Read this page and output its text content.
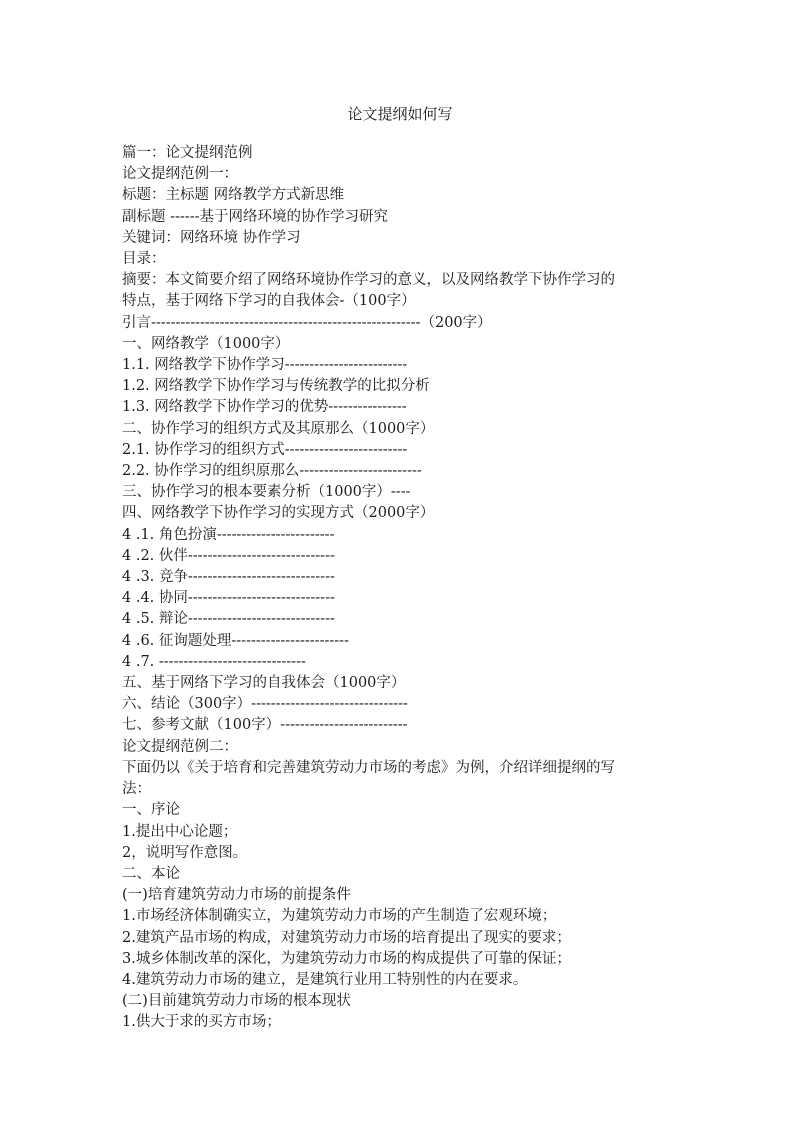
论文提纲如何写
篇一：论文提纲范例
论文提纲范例一：
标题：主标题 网络教学方式新思维
副标题 ------基于网络环境的协作学习研究
关键词：网络环境 协作学习
目录：
摘要：本文简要介绍了网络环境协作学习的意义，以及网络教学下协作学习的
特点，基于网络下学习的自我体会-（100字）
引言-------------------------------------------------------（200字）
一、网络教学（1000字）
1.1. 网络教学下协作学习-------------------------
1.2. 网络教学下协作学习与传统教学的比拟分析
1.3. 网络教学下协作学习的优势----------------
二、协作学习的组织方式及其原那么（1000字）
2.1. 协作学习的组织方式-------------------------
2.2. 协作学习的组织原那么-------------------------
三、协作学习的根本要素分析（1000字）----
四、网络教学下协作学习的实现方式（2000字）
4 .1. 角色扮演------------------------
4 .2. 伙伴------------------------------
4 .3. 竞争------------------------------
4 .4. 协同------------------------------
4 .5. 辩论------------------------------
4 .6. 征询题处理------------------------
4 .7. ------------------------------
五、基于网络下学习的自我体会（1000字）
六、结论（300字）--------------------------------
七、参考文献（100字）--------------------------
论文提纲范例二：
下面仍以《关于培育和完善建筑劳动力市场的考虑》为例，介绍详细提纲的写
法：
一、序论
1.提出中心论题；
2，说明写作意图。
二、本论
(一)培育建筑劳动力市场的前提条件
1.市场经济体制确实立，为建筑劳动力市场的产生制造了宏观环境；
2.建筑产品市场的构成，对建筑劳动力市场的培育提出了现实的要求；
3.城乡体制改革的深化，为建筑劳动力市场的构成提供了可靠的保证；
4.建筑劳动力市场的建立，是建筑行业用工特别性的内在要求。
(二)目前建筑劳动力市场的根本现状
1.供大于求的买方市场；
